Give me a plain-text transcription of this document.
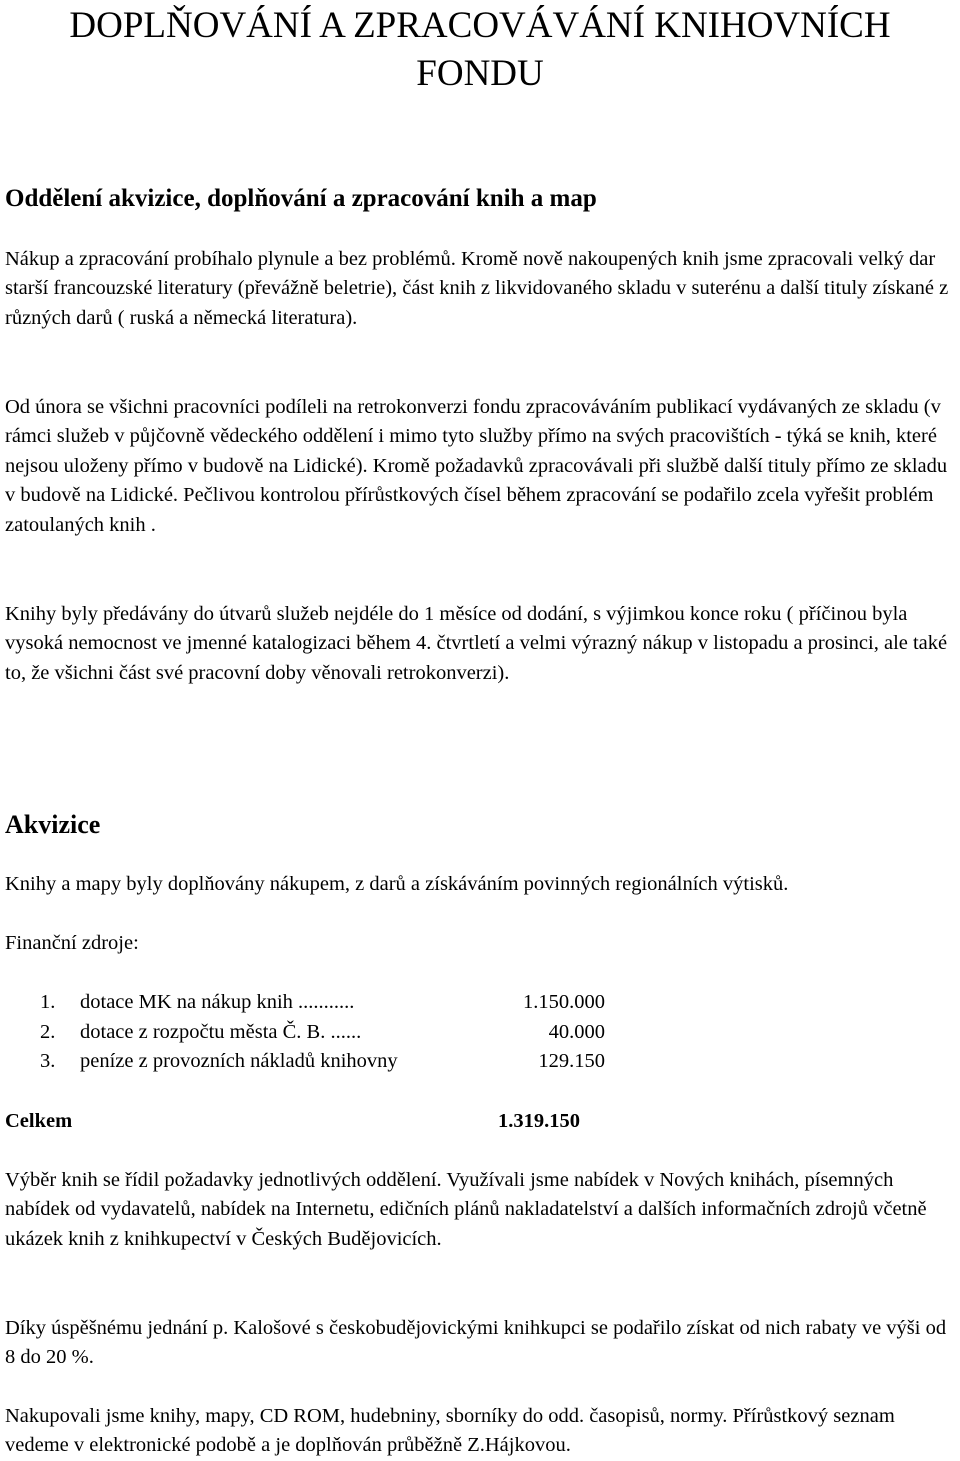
DOPLŇOVÁNÍ A ZPRACOVÁVÁNÍ KNIHOVNÍCH
FONDU
Oddělení akvizice, doplňování a zpracování knih a map

Nákup a zpracování probíhalo plynule a bez problémů. Kromě nově nakoupených knih jsme zpracovali velký dar starší francouzské literatury (převážně beletrie), část knih z likvidovaného skladu v suterénu a další tituly získané z různých darů ( ruská a německá literatura).

Od února se všichni pracovníci podíleli na retrokonverzi fondu zpracováváním publikací vydávaných ze skladu (v rámci služeb v půjčovně vědeckého oddělení i mimo tyto služby přímo na svých pracovištích - týká se knih, které nejsou uloženy přímo v budově na Lidické). Kromě požadavků zpracovávali při službě další tituly přímo ze skladu v budově na Lidické. Pečlivou kontrolou přírůstkových čísel během zpracování se podařilo zcela vyřešit problém zatoulaných knih .

Knihy byly předávány do útvarů služeb nejdéle do 1 měsíce od dodání, s výjimkou konce roku ( příčinou byla vysoká nemocnost ve jmenné katalogizaci během 4. čtvrtletí a velmi výrazný nákup v listopadu a prosinci, ale také to, že všichni část své pracovní doby věnovali retrokonverzi).

Akvizice

Knihy a mapy byly doplňovány nákupem, z darů a získáváním povinných regionálních výtisků.

Finanční zdroje:

1. dotace MK na nákup knih ...........	1.150.000
2. dotace z rozpočtu města Č. B. ......	40.000
3. peníze z provozních nákladů knihovny	129.150
Celkem	1.319.150

Výběr knih se řídil požadavky jednotlivých oddělení. Využívali jsme nabídek v Nových knihách, písemných nabídek od vydavatelů, nabídek na Internetu, edičních plánů nakladatelství a dalších informačních zdrojů včetně ukázek knih z knihkupectví v Českých Budějovicích.

Díky úspěšnému jednání p. Kalošové s českobudějovickými knihkupci se podařilo získat od nich rabaty ve výši od 8 do 20 %.

Nakupovali jsme knihy, mapy, CD ROM, hudebniny, sborníky do odd. časopisů, normy. Přírůstkový seznam vedeme v elektronické podobě a je doplňován průběžně Z.Hájkovou.
